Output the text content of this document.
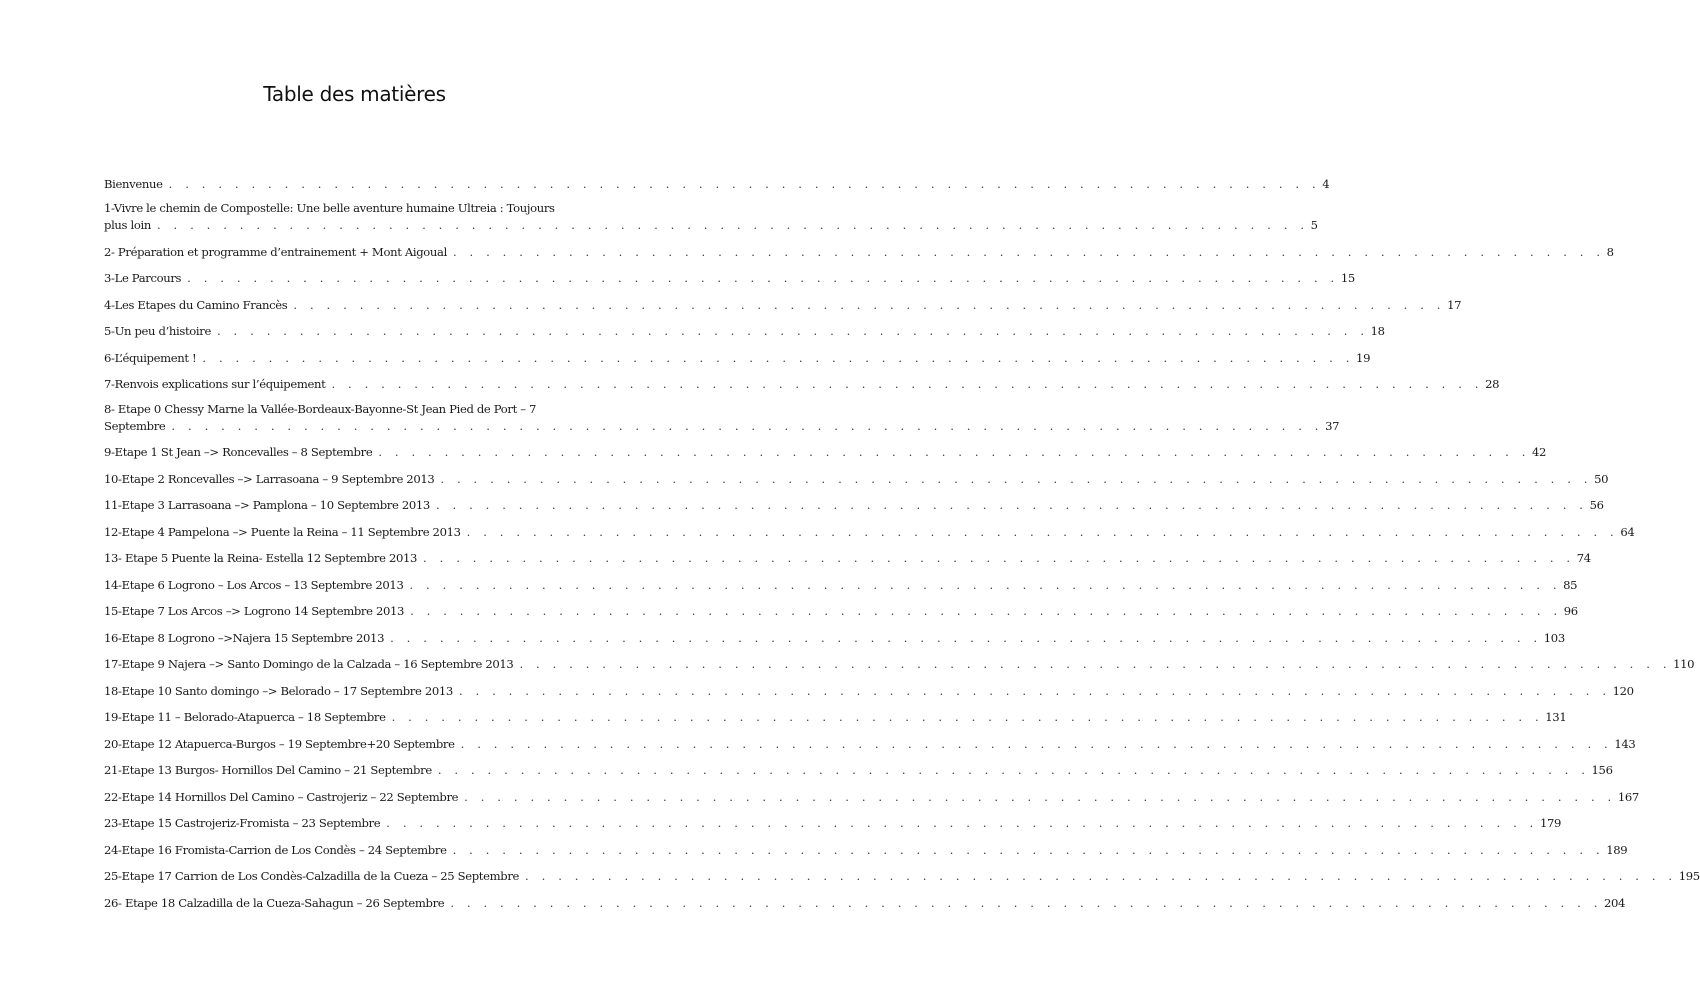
Table des matières
Bienvenue . . . . . . . . . . . . . . . . . . . . . . . . . . . . . . . . . . . . . . . . . . . . . . . . . . . . . . . . . . . . . . . . . . . . . . 4
1-Vivre le chemin de Compostelle: Une belle aventure humaine Ultreia : Toujours
plus loin . . . . . . . . . . . . . . . . . . . . . . . . . . . . . . . . . . . . . . . . . . . . . . . . . . . . . . . . . . . . . . . . . . . . . . 5
2- Préparation et programme d’entrainement + Mont Aigoual . . . . . . . . . . . . . . . . . . . . . . . . . . . . . . . . . . . . . . . . . . . . . . . . . . . . . . . . . . . . . . . . . . . . . . 8
3-Le Parcours . . . . . . . . . . . . . . . . . . . . . . . . . . . . . . . . . . . . . . . . . . . . . . . . . . . . . . . . . . . . . . . . . . . . . . 15
4-Les Etapes du Camino Francès . . . . . . . . . . . . . . . . . . . . . . . . . . . . . . . . . . . . . . . . . . . . . . . . . . . . . . . . . . . . . . . . . . . . . . 17
5-Un peu d’histoire . . . . . . . . . . . . . . . . . . . . . . . . . . . . . . . . . . . . . . . . . . . . . . . . . . . . . . . . . . . . . . . . . . . . . . 18
6-L’équipement ! . . . . . . . . . . . . . . . . . . . . . . . . . . . . . . . . . . . . . . . . . . . . . . . . . . . . . . . . . . . . . . . . . . . . . . 19
7-Renvois explications sur l’équipement . . . . . . . . . . . . . . . . . . . . . . . . . . . . . . . . . . . . . . . . . . . . . . . . . . . . . . . . . . . . . . . . . . . . . . 28
8- Etape 0 Chessy Marne la Vallée-Bordeaux-Bayonne-St Jean Pied de Port – 7
Septembre . . . . . . . . . . . . . . . . . . . . . . . . . . . . . . . . . . . . . . . . . . . . . . . . . . . . . . . . . . . . . . . . . . . . . . 37
9-Etape 1 St Jean –> Roncevalles – 8 Septembre . . . . . . . . . . . . . . . . . . . . . . . . . . . . . . . . . . . . . . . . . . . . . . . . . . . . . . . . . . . . . . . . . . . . . . 42
10-Etape 2 Roncevalles –> Larrasoana – 9 Septembre 2013 . . . . . . . . . . . . . . . . . . . . . . . . . . . . . . . . . . . . . . . . . . . . . . . . . . . . . . . . . . . . . . . . . . . . . . 50
11-Etape 3 Larrasoana –> Pamplona – 10 Septembre 2013 . . . . . . . . . . . . . . . . . . . . . . . . . . . . . . . . . . . . . . . . . . . . . . . . . . . . . . . . . . . . . . . . . . . . . . 56
12-Etape 4 Pampelona –> Puente la Reina – 11 Septembre 2013 . . . . . . . . . . . . . . . . . . . . . . . . . . . . . . . . . . . . . . . . . . . . . . . . . . . . . . . . . . . . . . . . . . . . . . 64
13- Etape 5 Puente la Reina- Estella 12 Septembre 2013 . . . . . . . . . . . . . . . . . . . . . . . . . . . . . . . . . . . . . . . . . . . . . . . . . . . . . . . . . . . . . . . . . . . . . . 74
14-Etape 6 Logrono – Los Arcos – 13 Septembre 2013 . . . . . . . . . . . . . . . . . . . . . . . . . . . . . . . . . . . . . . . . . . . . . . . . . . . . . . . . . . . . . . . . . . . . . . 85
15-Etape 7 Los Arcos –> Logrono 14 Septembre 2013 . . . . . . . . . . . . . . . . . . . . . . . . . . . . . . . . . . . . . . . . . . . . . . . . . . . . . . . . . . . . . . . . . . . . . . 96
16-Etape 8 Logrono –>Najera 15 Septembre 2013 . . . . . . . . . . . . . . . . . . . . . . . . . . . . . . . . . . . . . . . . . . . . . . . . . . . . . . . . . . . . . . . . . . . . . . 103
17-Etape 9 Najera –> Santo Domingo de la Calzada – 16 Septembre 2013 . . . . . . . . . . . . . . . . . . . . . . . . . . . . . . . . . . . . . . . . . . . . . . . . . . . . . . . . . . . . . . . . . . . . . . 110
18-Etape 10 Santo domingo –> Belorado – 17 Septembre 2013 . . . . . . . . . . . . . . . . . . . . . . . . . . . . . . . . . . . . . . . . . . . . . . . . . . . . . . . . . . . . . . . . . . . . . . 120
19-Etape 11 – Belorado-Atapuerca – 18 Septembre . . . . . . . . . . . . . . . . . . . . . . . . . . . . . . . . . . . . . . . . . . . . . . . . . . . . . . . . . . . . . . . . . . . . . . 131
20-Etape 12 Atapuerca-Burgos – 19 Septembre+20 Septembre . . . . . . . . . . . . . . . . . . . . . . . . . . . . . . . . . . . . . . . . . . . . . . . . . . . . . . . . . . . . . . . . . . . . . . 143
21-Etape 13 Burgos- Hornillos Del Camino – 21 Septembre . . . . . . . . . . . . . . . . . . . . . . . . . . . . . . . . . . . . . . . . . . . . . . . . . . . . . . . . . . . . . . . . . . . . . . 156
22-Etape 14 Hornillos Del Camino – Castrojeriz – 22 Septembre . . . . . . . . . . . . . . . . . . . . . . . . . . . . . . . . . . . . . . . . . . . . . . . . . . . . . . . . . . . . . . . . . . . . . . 167
23-Etape 15 Castrojeriz-Fromista – 23 Septembre . . . . . . . . . . . . . . . . . . . . . . . . . . . . . . . . . . . . . . . . . . . . . . . . . . . . . . . . . . . . . . . . . . . . . . 179
24-Etape 16 Fromista-Carrion de Los Condès – 24 Septembre . . . . . . . . . . . . . . . . . . . . . . . . . . . . . . . . . . . . . . . . . . . . . . . . . . . . . . . . . . . . . . . . . . . . . . 189
25-Etape 17 Carrion de Los Condès-Calzadilla de la Cueza – 25 Septembre . . . . . . . . . . . . . . . . . . . . . . . . . . . . . . . . . . . . . . . . . . . . . . . . . . . . . . . . . . . . . . . . . . . . . . 195
26- Etape 18 Calzadilla de la Cueza-Sahagun – 26 Septembre . . . . . . . . . . . . . . . . . . . . . . . . . . . . . . . . . . . . . . . . . . . . . . . . . . . . . . . . . . . . . . . . . . . . . . 204
